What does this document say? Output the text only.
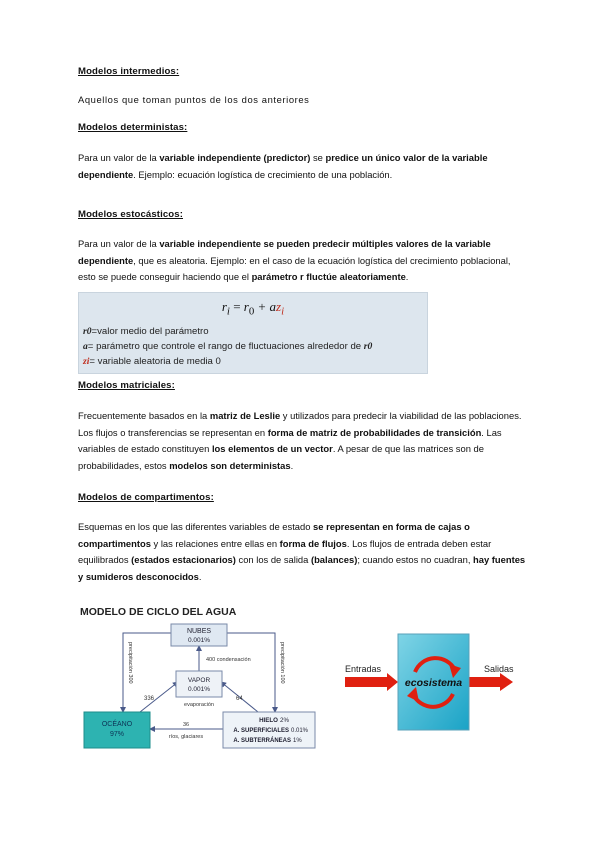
Modelos intermedios:
Aquellos que toman puntos de los dos anteriores
Modelos deterministas:
Para un valor de la variable independiente (predictor) se predice un único valor de la variable dependiente. Ejemplo: ecuación logística de crecimiento de una población.
Modelos estocásticos:
Para un valor de la variable independiente se pueden predecir múltiples valores de la variable dependiente, que es aleatoria. Ejemplo: en el caso de la ecuación logística del crecimiento poblacional, esto se puede conseguir haciendo que el parámetro r fluctúe aleatoriamente.
$r_i = r_0 + az_i$
r0=valor medio del parámetro
a= parámetro que controle el rango de fluctuaciones alrededor de r0
zi= variable aleatoria de media 0
Modelos matriciales:
Frecuentemente basados en la matriz de Leslie y utilizados para predecir la viabilidad de las poblaciones. Los flujos o transferencias se representan en forma de matriz de probabilidades de transición. Las variables de estado constituyen los elementos de un vector. A pesar de que las matrices son de probabilidades, estos modelos son deterministas.
Modelos de compartimentos:
Esquemas en los que las diferentes variables de estado se representan en forma de cajas o compartimentos y las relaciones entre ellas en forma de flujos. Los flujos de entrada deben estar equilibrados (estados estacionarios) con los de salida (balances); cuando estos no cuadran, hay fuentes y sumideros desconocidos.
MODELO DE CICLO DEL AGUA
NUBES
0.001%
400 condensación
VAPOR
0.001%
evaporación
precipitación 300	precipitación 100
336	64
36
ríos, glaciares
OCÉANO
97%
HIELO 2%
A. SUPERFICIALES 0.01%
A. SUBTERRÁNEAS 1%
Entradas	Salidas
ecosistema
